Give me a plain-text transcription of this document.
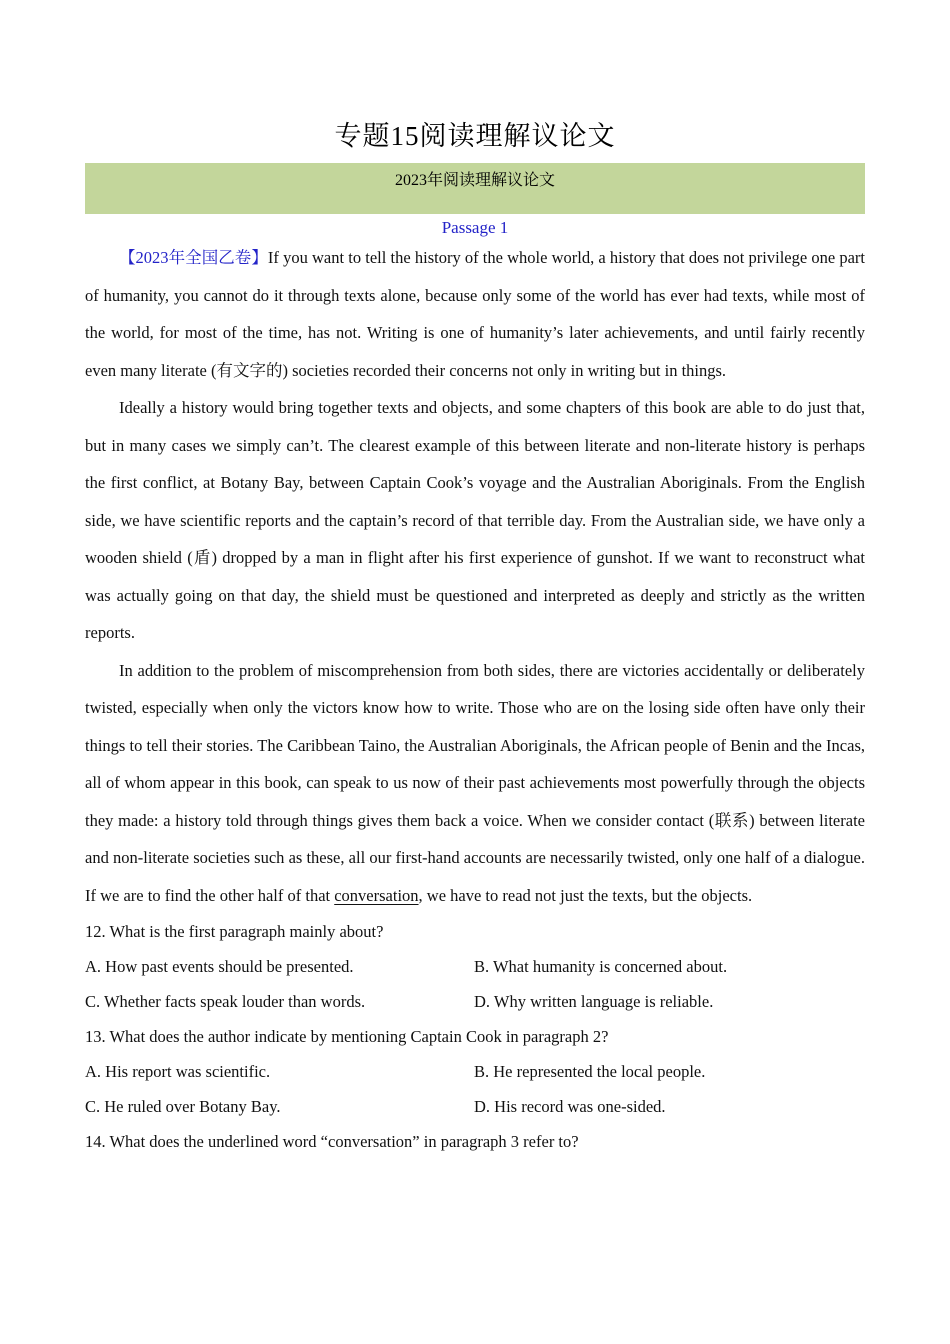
专题15阅读理解议论文
2023年阅读理解议论文
Passage 1

【2023年全国乙卷】If you want to tell the history of the whole world, a history that does not privilege one part of humanity, you cannot do it through texts alone, because only some of the world has ever had texts, while most of the world, for most of the time, has not. Writing is one of humanity’s later achievements, and until fairly recently even many literate (有文字的) societies recorded their concerns not only in writing but in things.

Ideally a history would bring together texts and objects, and some chapters of this book are able to do just that, but in many cases we simply can’t. The clearest example of this between literate and non-literate history is perhaps the first conflict, at Botany Bay, between Captain Cook’s voyage and the Australian Aboriginals. From the English side, we have scientific reports and the captain’s record of that terrible day. From the Australian side, we have only a wooden shield (盾) dropped by a man in flight after his first experience of gunshot. If we want to reconstruct what was actually going on that day, the shield must be questioned and interpreted as deeply and strictly as the written reports.

In addition to the problem of miscomprehension from both sides, there are victories accidentally or deliberately twisted, especially when only the victors know how to write. Those who are on the losing side often have only their things to tell their stories. The Caribbean Taino, the Australian Aboriginals, the African people of Benin and the Incas, all of whom appear in this book, can speak to us now of their past achievements most powerfully through the objects they made: a history told through things gives them back a voice. When we consider contact (联系) between literate and non-literate societies such as these, all our first-hand accounts are necessarily twisted, only one half of a dialogue. If we are to find the other half of that conversation, we have to read not just the texts, but the objects.

12. What is the first paragraph mainly about?
A. How past events should be presented.	B. What humanity is concerned about.
C. Whether facts speak louder than words.	D. Why written language is reliable.
13. What does the author indicate by mentioning Captain Cook in paragraph 2?
A. His report was scientific.	B. He represented the local people.
C. He ruled over Botany Bay.	D. His record was one-sided.
14. What does the underlined word “conversation” in paragraph 3 refer to?
